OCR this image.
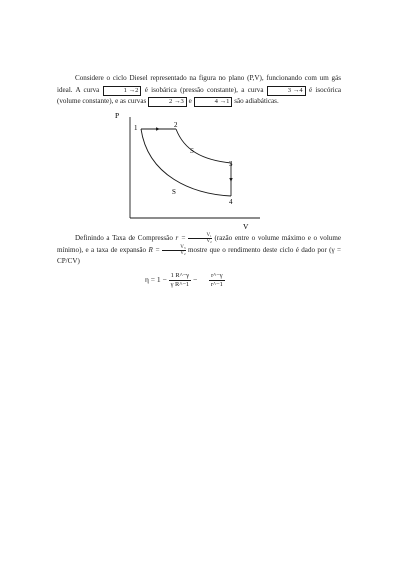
Considere o ciclo Diesel representado na figura no plano (P,V), funcionando com um gás ideal. A curva	1 →2 é isobárica (pressão constante), a curva	3 →4 é isocórica (volume constante), e as curvas	2 →3 e	4 →1 são adiabáticas.

P
V
1	2
3
4
S
S

Definindo a Taxa de Compressão $r = \frac{\text{V₁}}{\text{V₂}}$ (razão entre o volume máximo e o volume mínimo), e a taxa de expansão $R = \frac{\text{V₃}}{\text{V₂}}$ mostre que o rendimento deste ciclo é dado por (γ = CP/CV)

$\eta = 1 - \frac{1 R\^{}-\gamma}{\text{γ R\textasciicircum{}−1}} - \frac{r\^{}-\gamma}{r\^{}-1}$
